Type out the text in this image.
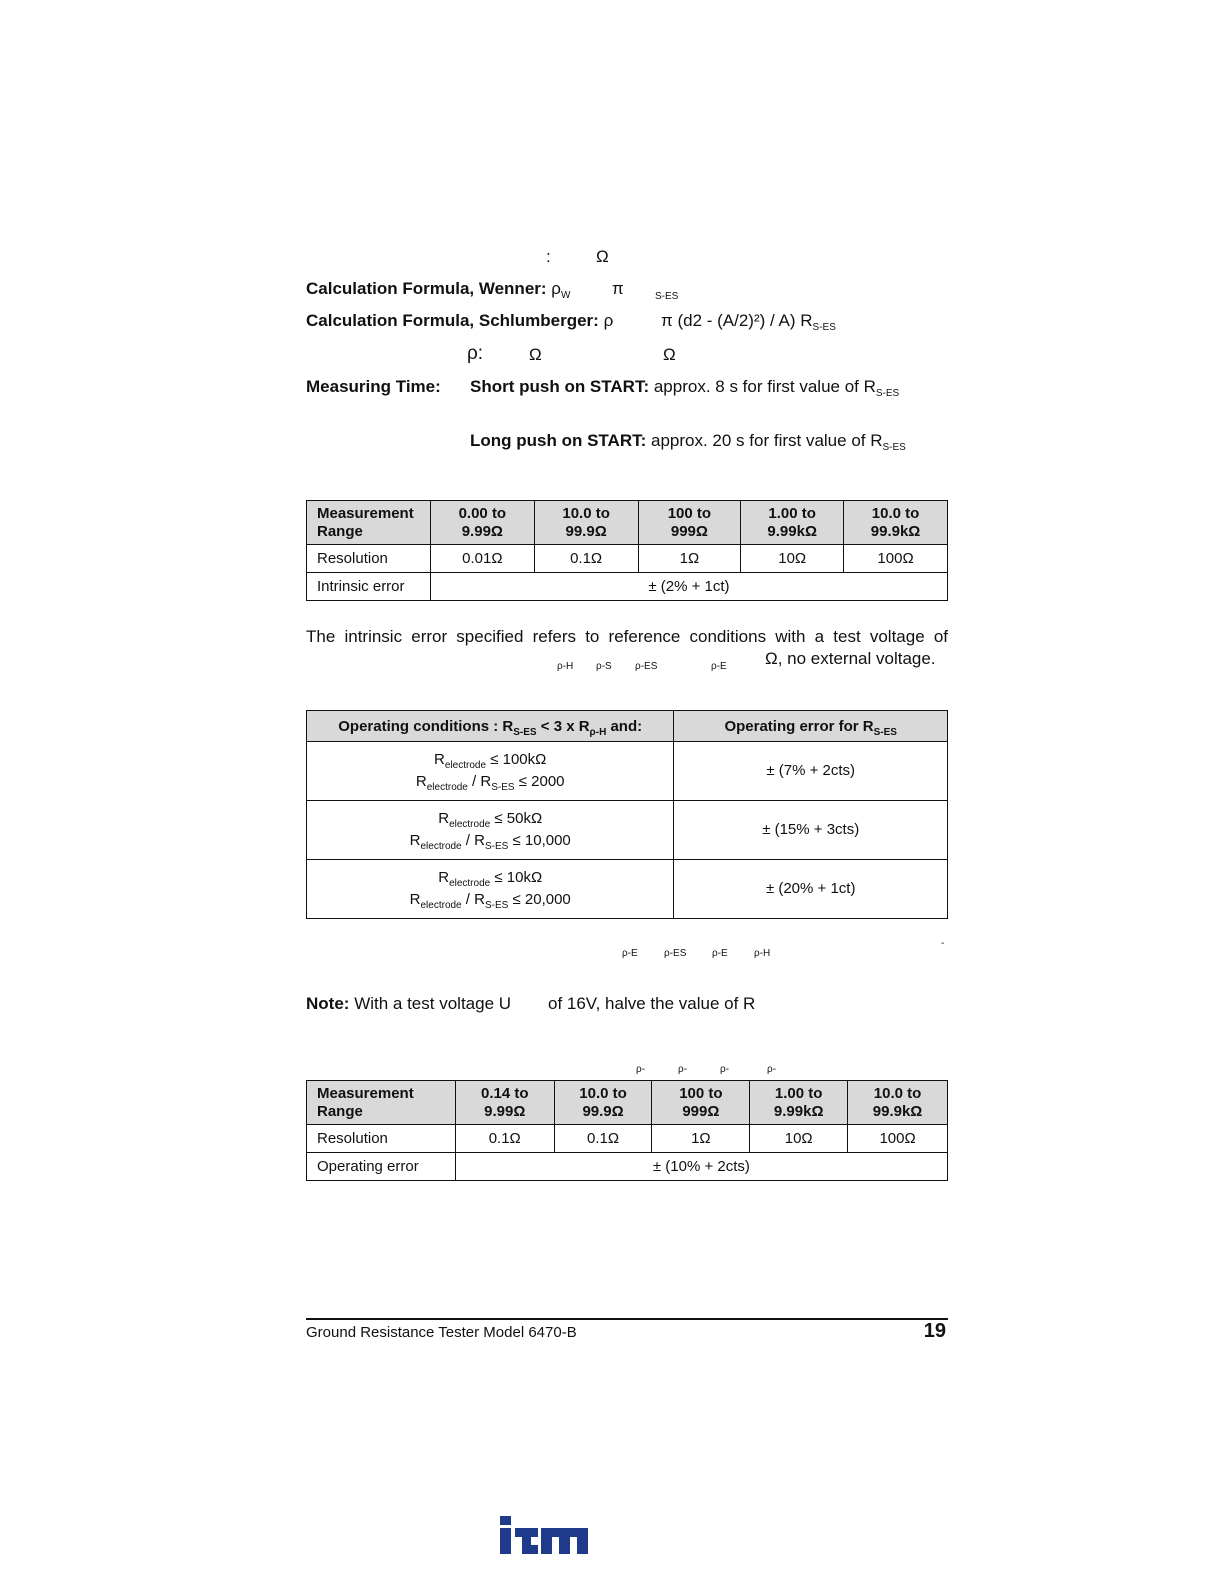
:	Ω
Calculation Formula, Wenner: $\rho_W$ π	S-ES
Calculation Formula, Schlumberger: ρ	π (d2 - (A/2)²) / A) $R_{S-ES}$
ρ:	Ω	Ω
Measuring Time: Short push on START: approx. 8 s for first value of $R_{S-ES}$
Long push on START: approx. 20 s for first value of $R_{S-ES}$
Measurement Range	0.00 to 9.99Ω	10.0 to 99.9Ω	100 to 999Ω	1.00 to 9.99kΩ	10.0 to 99.9kΩ
Resolution	0.01Ω	0.1Ω	1Ω	10Ω	100Ω
Intrinsic error	± (2% + 1ct)				
The intrinsic error specified refers to reference conditions with a test voltage of
ρ-H ρ-S ρ-ES	ρ-E Ω, no external voltage.
Operating conditions : $R_{S-ES} < 3$ x $R_{\rho-H}$ and:	Operating error for $R_{S-ES}$

$R_{electrode} \le 100k\Omega$
$R_{electrode} / R_{S-ES} \le 2000$	± (7% + 2cts)

$R_{electrode} \le 50k\Omega$
$R_{electrode} / R_{S-ES} \le 10,000$	± (15% + 3cts)

$R_{electrode} \le 10k\Omega$
$R_{electrode} / R_{S-ES} \le 20,000$	± (20% + 1ct)
ρ-E	ρ-ES	ρ-E	ρ-H
-
Note: With a test voltage U of 16V, halve the value of R
ρ-	ρ-	ρ-	ρ-
Measurement Range	0.14 to 9.99Ω	10.0 to 99.9Ω	100 to 999Ω	1.00 to 9.99kΩ	10.0 to 99.9kΩ
Resolution	0.1Ω	0.1Ω	1Ω	10Ω	100Ω
Operating error	± (10% + 2cts)				
Ground Resistance Tester Model 6470-B	19
